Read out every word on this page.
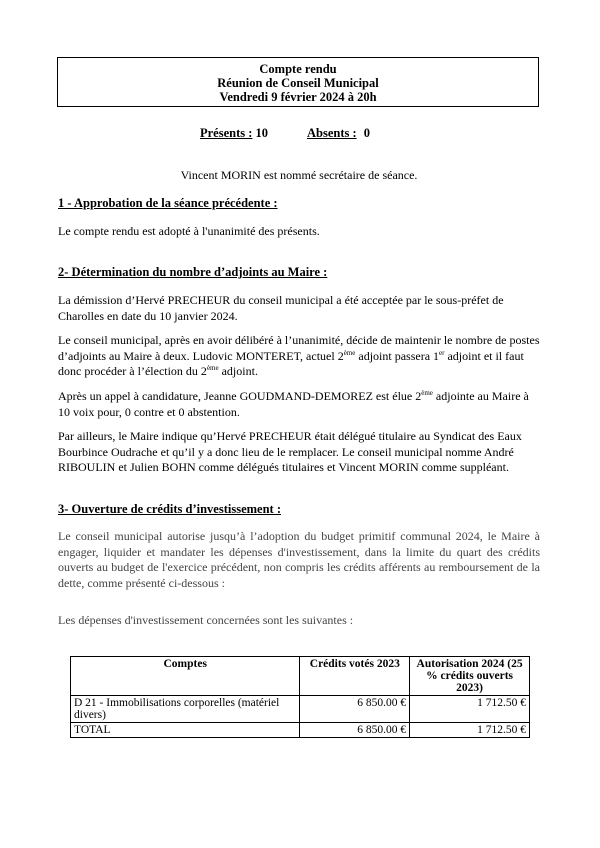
Compte rendu
Réunion de Conseil Municipal
Vendredi 9 février 2024 à 20h
Présents : 10	Absents : 0
Vincent MORIN est nommé secrétaire de séance.
1 - Approbation de la séance précédente :
Le compte rendu est adopté à l'unanimité des présents.
2- Détermination du nombre d’adjoints au Maire :
La démission d’Hervé PRECHEUR du conseil municipal a été acceptée par le sous-préfet de Charolles en date du 10 janvier 2024.
Le conseil municipal, après en avoir délibéré à l’unanimité, décide de maintenir le nombre de postes d’adjoints au Maire à deux. Ludovic MONTERET, actuel 2ème adjoint passera 1er adjoint et il faut donc procéder à l’élection du 2ème adjoint.
Après un appel à candidature, Jeanne GOUDMAND-DEMOREZ est élue 2ème adjointe au Maire à 10 voix pour, 0 contre et 0 abstention.
Par ailleurs, le Maire indique qu’Hervé PRECHEUR était délégué titulaire au Syndicat des Eaux Bourbince Oudrache et qu’il y a donc lieu de le remplacer. Le conseil municipal nomme André RIBOULIN et Julien BOHN comme délégués titulaires et Vincent MORIN comme suppléant.
3- Ouverture de crédits d’investissement :
Le conseil municipal autorise jusqu’à l’adoption du budget primitif communal 2024, le Maire à engager, liquider et mandater les dépenses d'investissement, dans la limite du quart des crédits ouverts au budget de l'exercice précédent, non compris les crédits afférents au remboursement de la dette, comme présenté ci-dessous :
Les dépenses d'investissement concernées sont les suivantes :
Comptes	Crédits votés 2023	Autorisation 2024 (25 % crédits ouverts 2023)
D 21 - Immobilisations corporelles (matériel divers)	6 850.00 €	1 712.50 €
TOTAL	6 850.00 €	1 712.50 €
